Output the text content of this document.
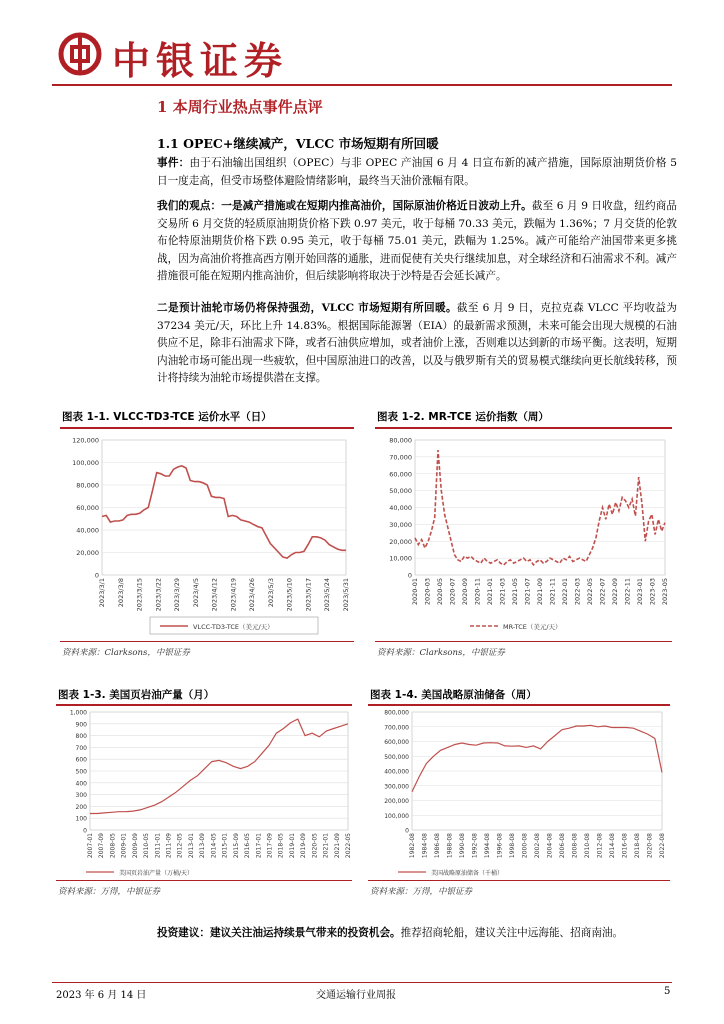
中银证券
1 本周行业热点事件点评
1.1 OPEC+继续减产，VLCC 市场短期有所回暖
事件：由于石油输出国组织（OPEC）与非 OPEC 产油国 6 月 4 日宣布新的减产措施，国际原油期货价格 5 日一度走高，但受市场整体避险情绪影响，最终当天油价涨幅有限。
我们的观点：一是减产措施或在短期内推高油价，国际原油价格近日波动上升。截至 6 月 9 日收盘，纽约商品交易所 6 月交货的轻质原油期货价格下跌 0.97 美元，收于每桶 70.33 美元，跌幅为 1.36%；7 月交货的伦敦布伦特原油期货价格下跌 0.95 美元，收于每桶 75.01 美元，跌幅为 1.25%。减产可能给产油国带来更多挑战，因为高油价将推高西方刚开始回落的通胀，进而促使有关央行继续加息，对全球经济和石油需求不利。减产措施很可能在短期内推高油价，但后续影响将取决于沙特是否会延长减产。
二是预计油轮市场仍将保持强劲，VLCC 市场短期有所回暖。截至 6 月 9 日，克拉克森 VLCC 平均收益为 37234 美元/天，环比上升 14.83%。根据国际能源署（EIA）的最新需求预测，未来可能会出现大规模的石油供应不足，除非石油需求下降，或者石油供应增加，或者油价上涨，否则难以达到新的市场平衡。这表明，短期内油轮市场可能出现一些疲软，但中国原油进口的改善，以及与俄罗斯有关的贸易模式继续向更长航线转移，预计将持续为油轮市场提供潜在支撑。
图表 1-1. VLCC-TD3-TCE 运价水平（日）
0
20,000
40,000
60,000
80,000
100,000
120,000
2023/3/1 2023/3/8 2023/3/15 2023/3/22 2023/3/29 2023/4/5 2023/4/12 2023/4/19 2023/4/26 2023/5/3 2023/5/10 2023/5/17 2023/5/24 2023/5/31
VLCC-TD3-TCE（美元/天）
资料来源：Clarksons，中银证券
图表 1-2. MR-TCE 运价指数（周）
0
10,000
20,000
30,000
40,000
50,000
60,000
70,000
80,000
2020-01 2020-03 2020-05 2020-07 2020-09 2020-11 2021-01 2021-03 2021-05 2021-07 2021-09 2021-11 2022-01 2022-03 2022-05 2022-07 2022-09 2022-11 2023-01 2023-03 2023-05
MR-TCE（美元/天）
资料来源：Clarksons，中银证券
图表 1-3. 美国页岩油产量（月）
0
100
200
300
400
500
600
700
800
900
1,000
2007-01 2007-09 2008-05 2009-01 2009-09 2010-05 2011-01 2011-09 2012-05 2013-01 2013-09 2014-05 2015-01 2015-09 2016-05 2017-01 2017-09 2018-05 2019-01 2019-09 2020-05 2021-01 2021-09 2022-05
美国页岩油产量（万桶/天）
资料来源：万得，中银证券
图表 1-4. 美国战略原油储备（周）
0
100,000
200,000
300,000
400,000
500,000
600,000
700,000
800,000
1982-08 1984-08 1986-08 1988-08 1990-08 1992-08 1994-08 1996-08 1998-08 2000-08 2002-08 2004-08 2006-08 2008-08 2010-08 2012-08 2014-08 2016-08 2018-08 2020-08 2022-08
美国战略原油储备（千桶）
资料来源：万得，中银证券
投资建议：建议关注油运持续景气带来的投资机会。推荐招商轮船，建议关注中远海能、招商南油。
2023 年 6 月 14 日	交通运输行业周报	5
